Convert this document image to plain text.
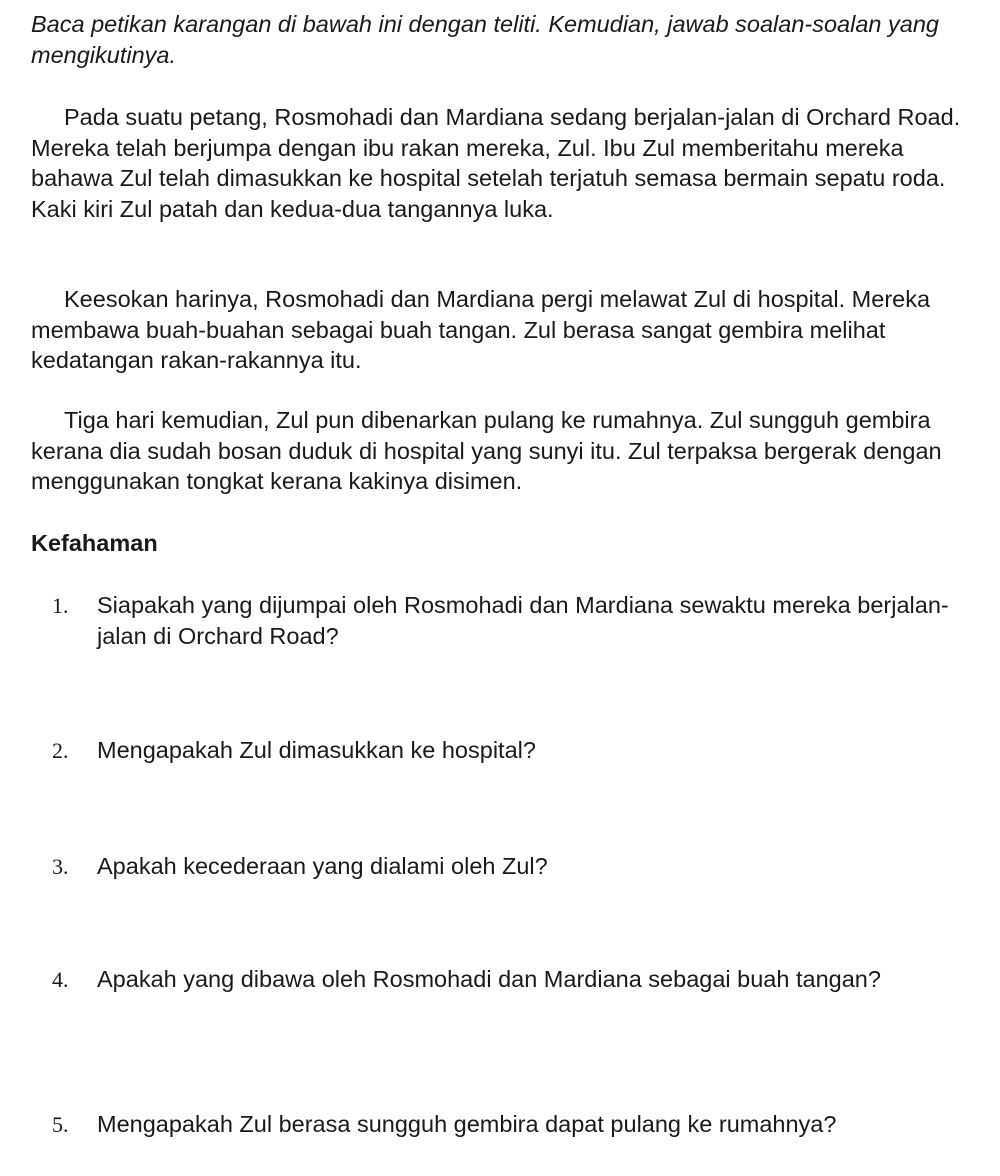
Baca petikan karangan di bawah ini dengan teliti. Kemudian, jawab soalan-soalan yang mengikutinya.

Pada suatu petang, Rosmohadi dan Mardiana sedang berjalan-jalan di Orchard Road. Mereka telah berjumpa dengan ibu rakan mereka, Zul. Ibu Zul memberitahu mereka bahawa Zul telah dimasukkan ke hospital setelah terjatuh semasa bermain sepatu roda. Kaki kiri Zul patah dan kedua-dua tangannya luka.

Keesokan harinya, Rosmohadi dan Mardiana pergi melawat Zul di hospital. Mereka membawa buah-buahan sebagai buah tangan. Zul berasa sangat gembira melihat kedatangan rakan-rakannya itu.

Tiga hari kemudian, Zul pun dibenarkan pulang ke rumahnya. Zul sungguh gembira kerana dia sudah bosan duduk di hospital yang sunyi itu. Zul terpaksa bergerak dengan menggunakan tongkat kerana kakinya disimen.

Kefahaman
1.	Siapakah yang dijumpai oleh Rosmohadi dan Mardiana sewaktu mereka berjalan-jalan di Orchard Road?
2.	Mengapakah Zul dimasukkan ke hospital?
3.	Apakah kecederaan yang dialami oleh Zul?
4.	Apakah yang dibawa oleh Rosmohadi dan Mardiana sebagai buah tangan?
5.	Mengapakah Zul berasa sungguh gembira dapat pulang ke rumahnya?
